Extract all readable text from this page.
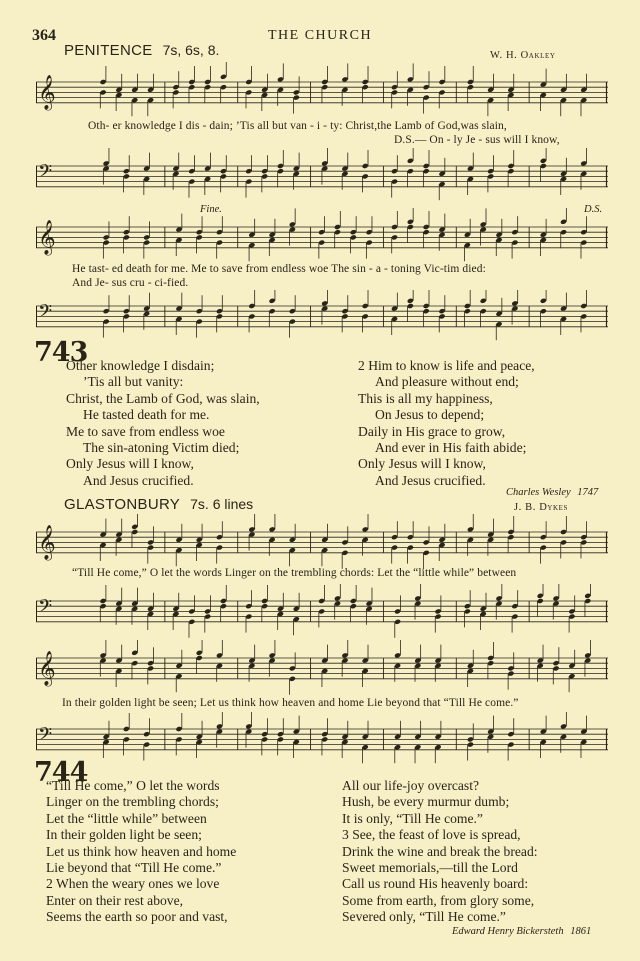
364	THE CHURCH
PENITENCE 7s, 6s, 8.	W. H. Oakley
𝄞
Oth- er knowledge I dis - dain; ’Tis all but van - i - ty: Christ,the Lamb of God,was slain,
D.S.— On - ly Je - sus will I know,
𝄢
Fine.	D.S.
𝄞
He tast- ed death for me. Me to save from endless woe The sin - a - toning Vic-tim died:
And Je- sus cru - ci-fied.
𝄢
743
Other knowledge I disdain;
’Tis all but vanity:
Christ, the Lamb of God, was slain,
He tasted death for me.
Me to save from endless woe
The sin-atoning Victim died;
Only Jesus will I know,
And Jesus crucified.
2 Him to know is life and peace,
And pleasure without end;
This is all my happiness,
On Jesus to depend;
Daily in His grace to grow,
And ever in His faith abide;
Only Jesus will I know,
And Jesus crucified.
Charles Wesley 1747
GLASTONBURY 7s. 6 lines	J. B. Dykes
𝄞
“Till He come,” O let the words Linger on the trembling chords: Let the “little while” between
𝄢
𝄞
In their golden light be seen; Let us think how heaven and home Lie beyond that “Till He come.”
𝄢
744
“Till He come,” O let the words
Linger on the trembling chords;
Let the “little while” between
In their golden light be seen;
Let us think how heaven and home
Lie beyond that “Till He come.”
2 When the weary ones we love
Enter on their rest above,
Seems the earth so poor and vast,
All our life-joy overcast?
Hush, be every murmur dumb;
It is only, “Till He come.”
3 See, the feast of love is spread,
Drink the wine and break the bread:
Sweet memorials,—till the Lord
Call us round His heavenly board:
Some from earth, from glory some,
Severed only, “Till He come.”
Edward Henry Bickersteth 1861
